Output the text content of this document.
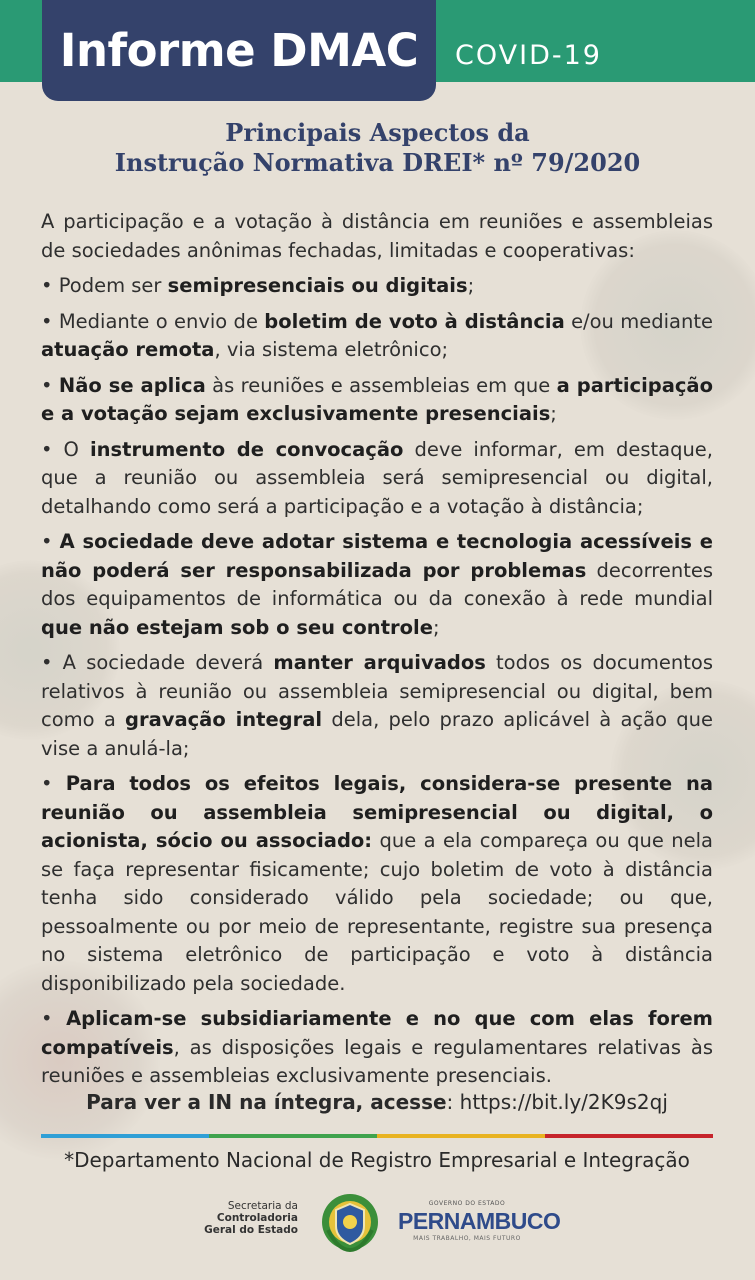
Informe DMAC COVID-19
Principais Aspectos da
Instrução Normativa DREI* nº 79/2020

A participação e a votação à distância em reuniões e assembleias de sociedades anônimas fechadas, limitadas e cooperativas:

• Podem ser semipresenciais ou digitais;

• Mediante o envio de boletim de voto à distância e/ou mediante atuação remota, via sistema eletrônico;

• Não se aplica às reuniões e assembleias em que a participação e a votação sejam exclusivamente presenciais;

• O instrumento de convocação deve informar, em destaque, que a reunião ou assembleia será semipresencial ou digital, detalhando como será a participação e a votação à distância;

• A sociedade deve adotar sistema e tecnologia acessíveis e não poderá ser responsabilizada por problemas decorrentes dos equipamentos de informática ou da conexão à rede mundial que não estejam sob o seu controle;

• A sociedade deverá manter arquivados todos os documentos relativos à reunião ou assembleia semipresencial ou digital, bem como a gravação integral dela, pelo prazo aplicável à ação que vise a anulá-la;

• Para todos os efeitos legais, considera-se presente na reunião ou assembleia semipresencial ou digital, o acionista, sócio ou associado: que a ela compareça ou que nela se faça representar fisicamente; cujo boletim de voto à distância tenha sido considerado válido pela sociedade; ou que, pessoalmente ou por meio de representante, registre sua presença no sistema eletrônico de participação e voto à distância disponibilizado pela sociedade.

• Aplicam-se subsidiariamente e no que com elas forem compatíveis, as disposições legais e regulamentares relativas às reuniões e assembleias exclusivamente presenciais.

Para ver a IN na íntegra, acesse: https://bit.ly/2K9s2qj
*Departamento Nacional de Registro Empresarial e Integração
Secretaria da
Controladoria
Geral do Estado
GOVERNO DO ESTADO
PERNAMBUCO
MAIS TRABALHO, MAIS FUTURO
